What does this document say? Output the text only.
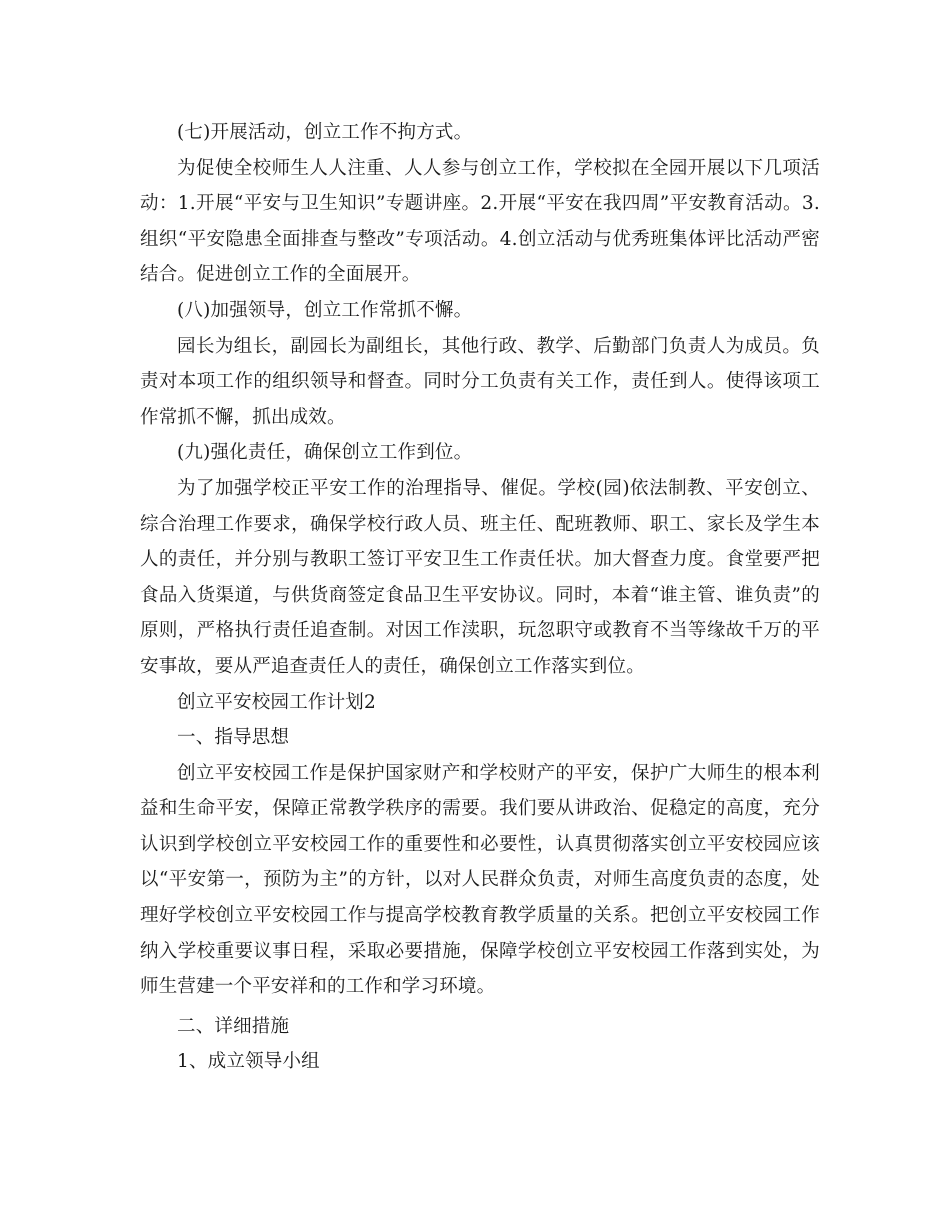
(七)开展活动，创立工作不拘方式。

为促使全校师生人人注重、人人参与创立工作，学校拟在全园开展以下几项活动：1.开展“平安与卫生知识”专题讲座。2.开展“平安在我四周”平安教育活动。3.组织“平安隐患全面排查与整改”专项活动。4.创立活动与优秀班集体评比活动严密结合。促进创立工作的全面展开。

(八)加强领导，创立工作常抓不懈。

园长为组长，副园长为副组长，其他行政、教学、后勤部门负责人为成员。负责对本项工作的组织领导和督查。同时分工负责有关工作，责任到人。使得该项工作常抓不懈，抓出成效。

(九)强化责任，确保创立工作到位。

为了加强学校正平安工作的治理指导、催促。学校(园)依法制教、平安创立、综合治理工作要求，确保学校行政人员、班主任、配班教师、职工、家长及学生本人的责任，并分别与教职工签订平安卫生工作责任状。加大督查力度。食堂要严把食品入货渠道，与供货商签定食品卫生平安协议。同时，本着“谁主管、谁负责”的原则，严格执行责任追查制。对因工作渎职，玩忽职守或教育不当等缘故千万的平安事故，要从严追查责任人的责任，确保创立工作落实到位。

创立平安校园工作计划2

一、指导思想

创立平安校园工作是保护国家财产和学校财产的平安，保护广大师生的根本利益和生命平安，保障正常教学秩序的需要。我们要从讲政治、促稳定的高度，充分认识到学校创立平安校园工作的重要性和必要性，认真贯彻落实创立平安校园应该以“平安第一，预防为主”的方针，以对人民群众负责，对师生高度负责的态度，处理好学校创立平安校园工作与提高学校教育教学质量的关系。把创立平安校园工作纳入学校重要议事日程，采取必要措施，保障学校创立平安校园工作落到实处，为师生营建一个平安祥和的工作和学习环境。

二、详细措施

1、成立领导小组
